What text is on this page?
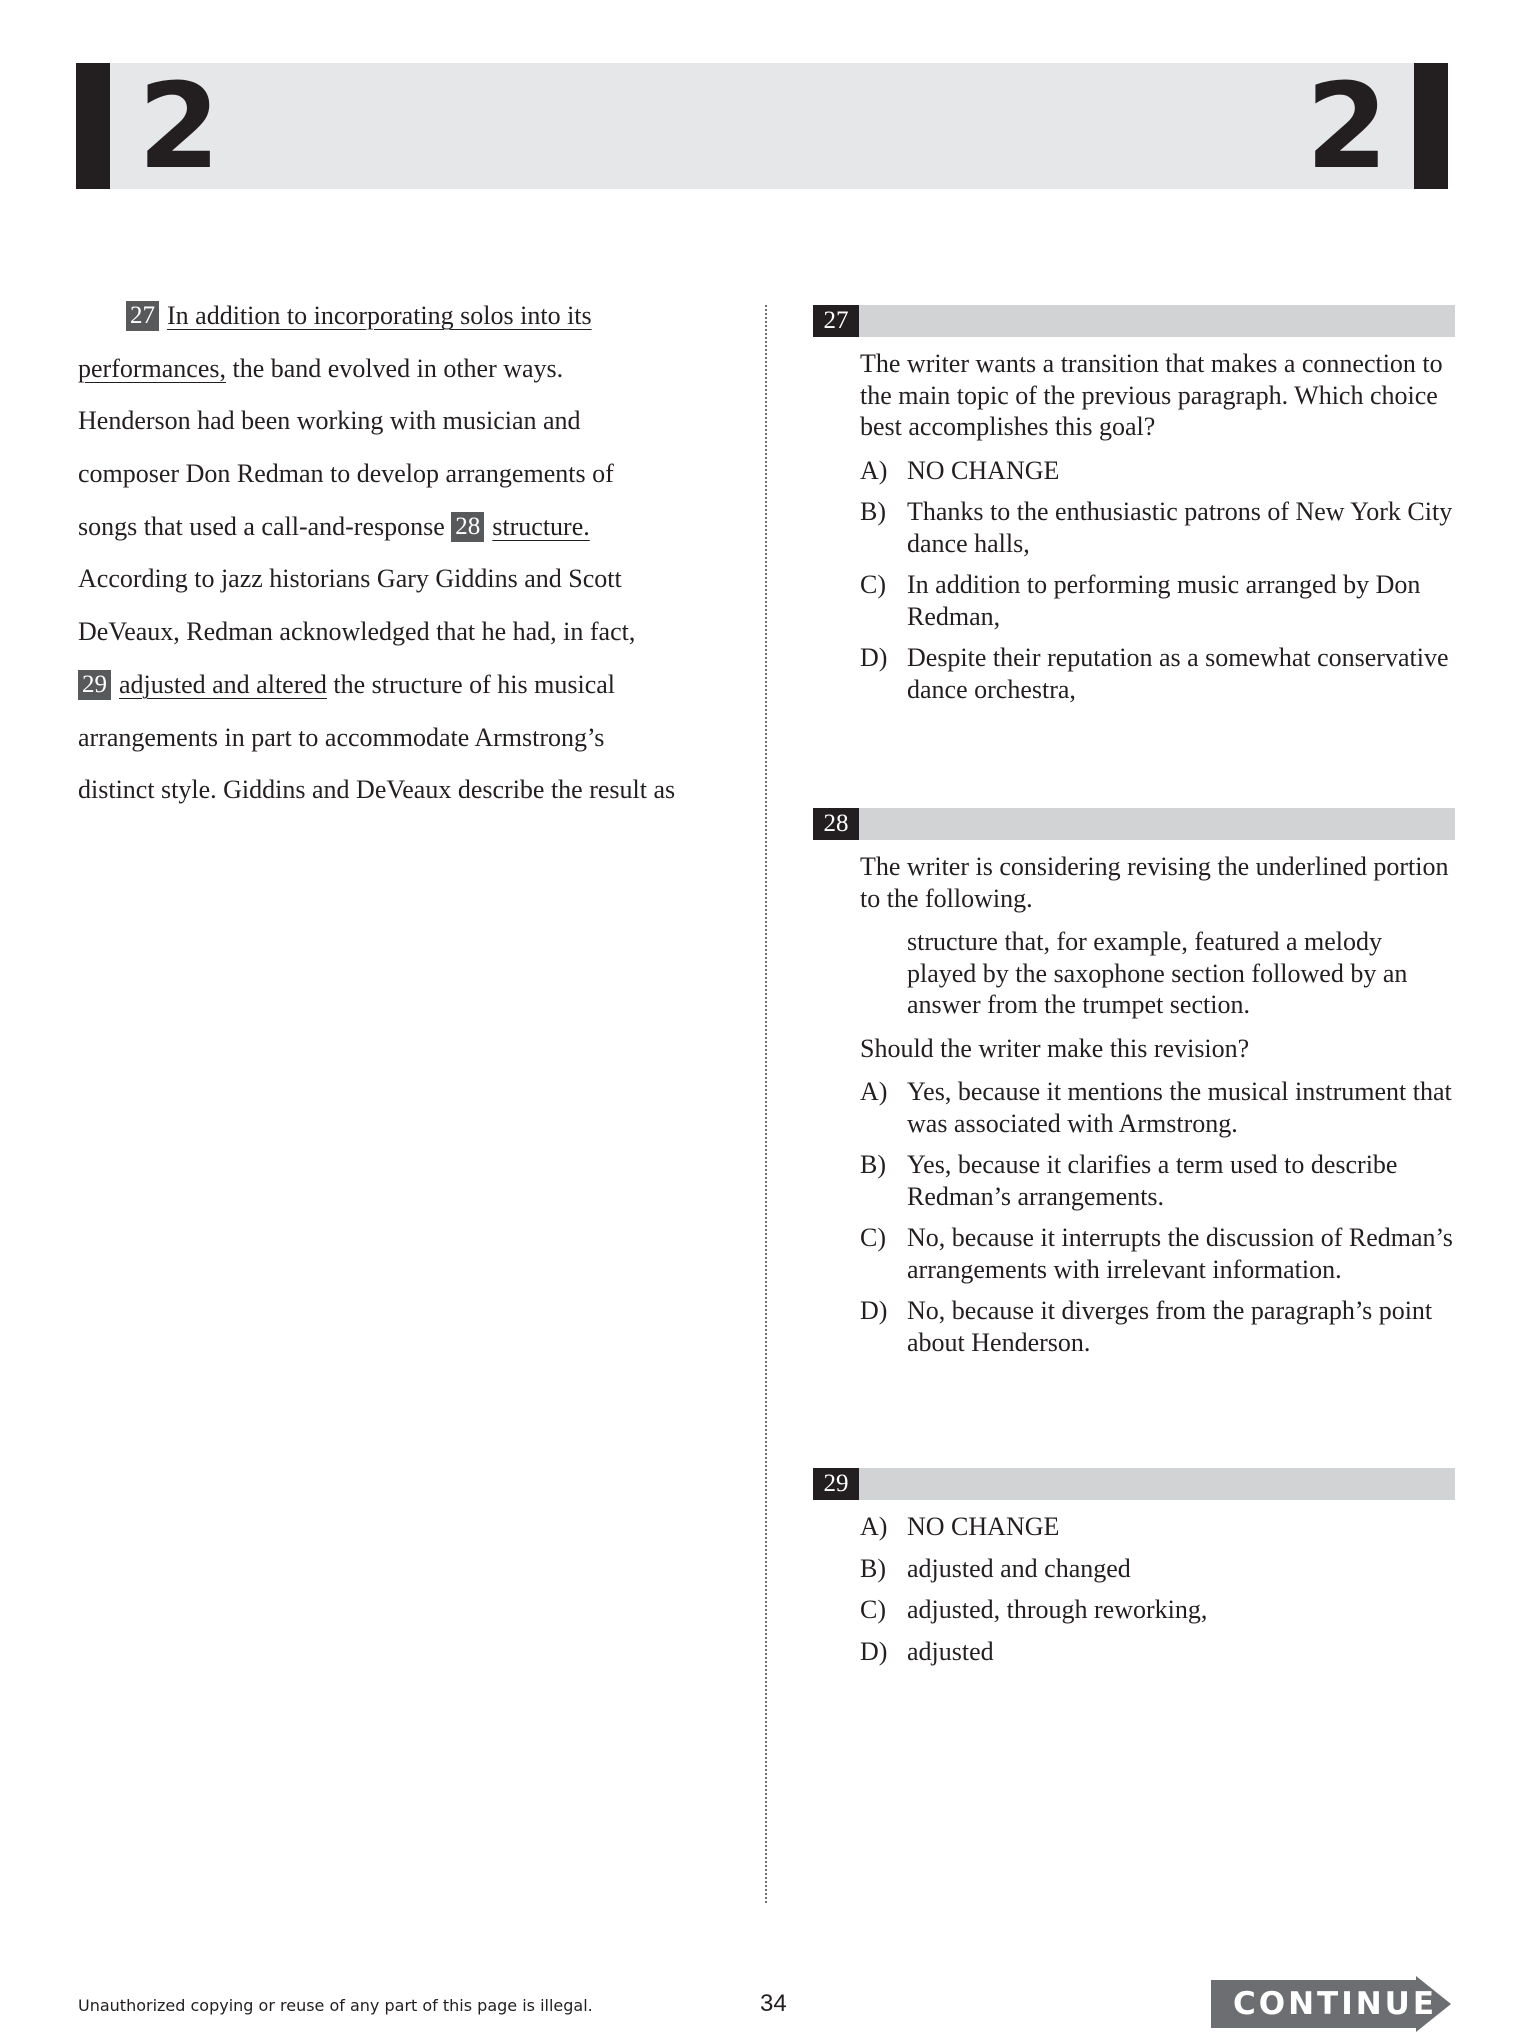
2	2
27 In addition to incorporating solos into its
performances, the band evolved in other ways.
Henderson had been working with musician and
composer Don Redman to develop arrangements of
songs that used a call-and-response 28 structure.
According to jazz historians Gary Giddins and Scott
DeVeaux, Redman acknowledged that he had, in fact,
29 adjusted and altered the structure of his musical
arrangements in part to accommodate Armstrong’s
distinct style. Giddins and DeVeaux describe the result as
27

The writer wants a transition that makes a connection to the main topic of the previous paragraph. Which choice best accomplishes this goal?

A) NO CHANGE
B) Thanks to the enthusiastic patrons of New York City dance halls,
C) In addition to performing music arranged by Don Redman,
D) Despite their reputation as a somewhat conservative dance orchestra,
28

The writer is considering revising the underlined portion to the following.

structure that, for example, featured a melody played by the saxophone section followed by an answer from the trumpet section.

Should the writer make this revision?

A) Yes, because it mentions the musical instrument that was associated with Armstrong.
B) Yes, because it clarifies a term used to describe Redman’s arrangements.
C) No, because it interrupts the discussion of Redman’s arrangements with irrelevant information.
D) No, because it diverges from the paragraph’s point about Henderson.
29
A) NO CHANGE
B) adjusted and changed
C) adjusted, through reworking,
D) adjusted
Unauthorized copying or reuse of any part of this page is illegal.	34	CONTINUE
